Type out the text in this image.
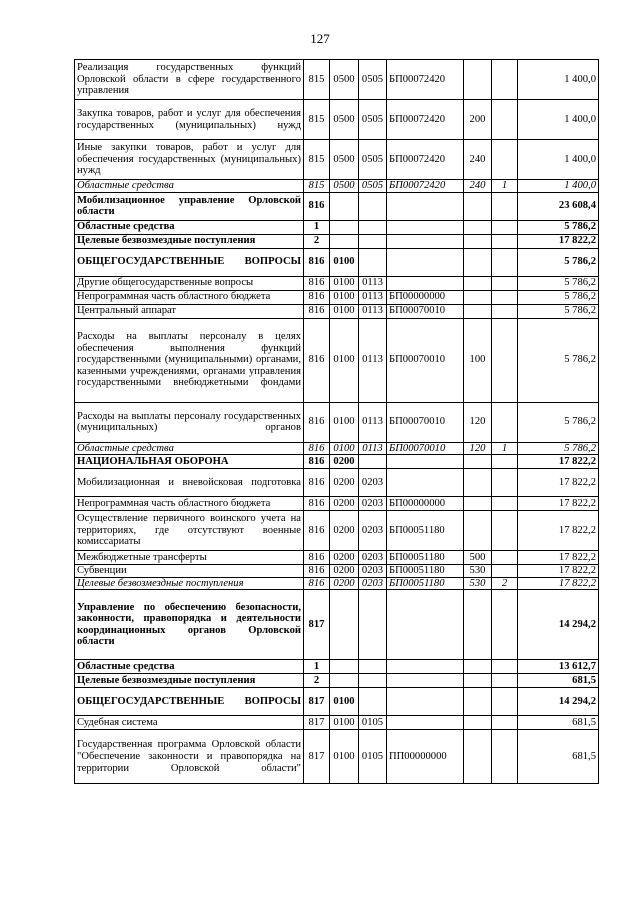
127
Реализация государственных функций Орловской области в сфере государственного управления	815	0500	0505	БП00072420			1 400,0
Закупка товаров, работ и услуг для обеспечения государственных (муниципальных) нужд	815	0500	0505	БП00072420	200		1 400,0
Иные закупки товаров, работ и услуг для обеспечения государственных (муниципальных) нужд	815	0500	0505	БП00072420	240		1 400,0
Областные средства	815	0500	0505	БП00072420	240	1	1 400,0
Мобилизационное управление Орловской области	816						23 608,4
Областные средства	1						5 786,2
Целевые безвозмездные поступления	2						17 822,2
ОБЩЕГОСУДАРСТВЕННЫЕ ВОПРОСЫ	816	0100					5 786,2
Другие общегосударственные вопросы	816	0100	0113				5 786,2
Непрограммная часть областного бюджета	816	0100	0113	БП00000000			5 786,2
Центральный аппарат	816	0100	0113	БП00070010			5 786,2
Расходы на выплаты персоналу в целях обеспечения выполнения функций государственными (муниципальными) органами, казенными учреждениями, органами управления государственными внебюджетными фондами	816	0100	0113	БП00070010	100		5 786,2
Расходы на выплаты персоналу государственных (муниципальных) органов	816	0100	0113	БП00070010	120		5 786,2
Областные средства	816	0100	0113	БП00070010	120	1	5 786,2
НАЦИОНАЛЬНАЯ ОБОРОНА	816	0200					17 822,2
Мобилизационная и вневойсковая подготовка	816	0200	0203				17 822,2
Непрограммная часть областного бюджета	816	0200	0203	БП00000000			17 822,2
Осуществление первичного воинского учета на территориях, где отсутствуют военные комиссариаты	816	0200	0203	БП00051180			17 822,2
Межбюджетные трансферты	816	0200	0203	БП00051180	500		17 822,2
Субвенции	816	0200	0203	БП00051180	530		17 822,2
Целевые безвозмездные поступления	816	0200	0203	БП00051180	530	2	17 822,2
Управление по обеспечению безопасности, законности, правопорядка и деятельности координационных органов Орловской области	817						14 294,2
Областные средства	1						13 612,7
Целевые безвозмездные поступления	2						681,5
ОБЩЕГОСУДАРСТВЕННЫЕ ВОПРОСЫ	817	0100					14 294,2
Судебная система	817	0100	0105				681,5
Государственная программа Орловской области "Обеспечение законности и правопорядка на территории Орловской области"	817	0100	0105	ПП00000000			681,5
